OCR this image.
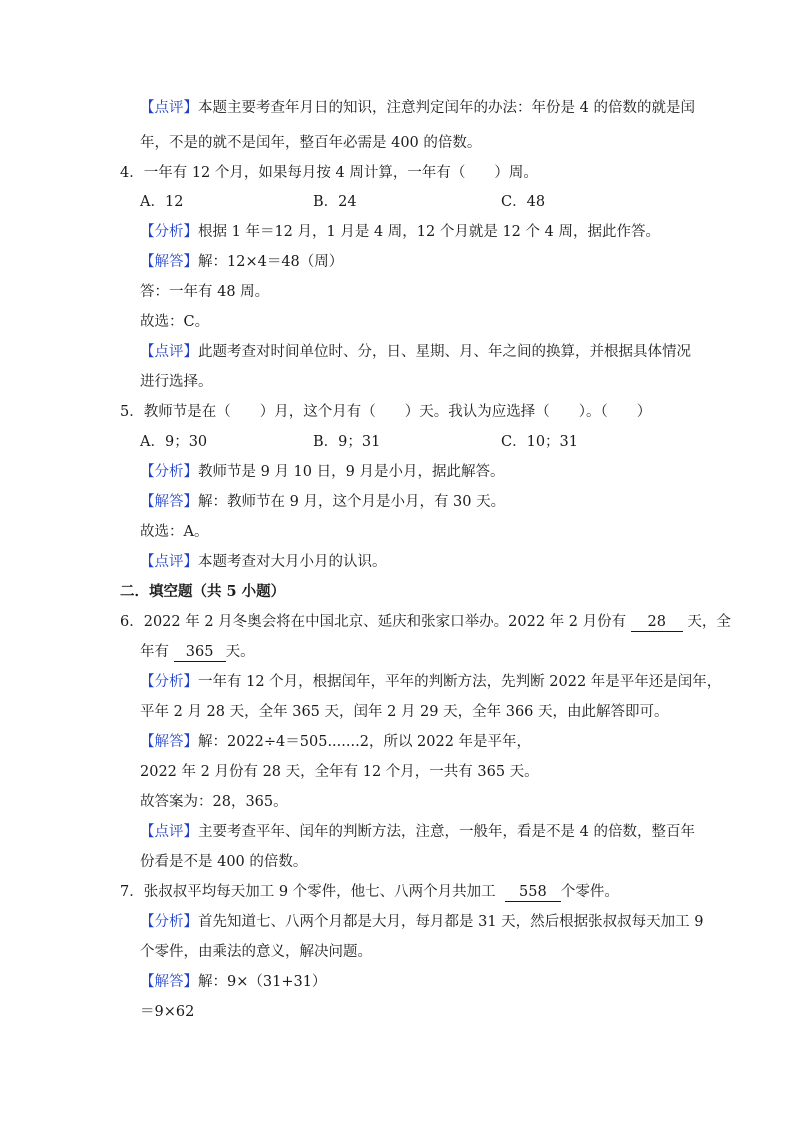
【点评】本题主要考查年月日的知识，注意判定闰年的办法：年份是 4 的倍数的就是闰
年，不是的就不是闰年，整百年必需是 400 的倍数。
4．一年有 12 个月，如果每月按 4 周计算，一年有（　　）周。
A．12	B．24	C．48
【分析】根据 1 年＝12 月，1 月是 4 周，12 个月就是 12 个 4 周，据此作答。
【解答】解：12×4＝48（周）
答：一年有 48 周。
故选：C。
【点评】此题考查对时间单位时、分，日、星期、月、年之间的换算，并根据具体情况
进行选择。
5．教师节是在（　　）月，这个月有（　　）天。我认为应选择（　　）。（　　）
A．9；30	B．9；31	C．10；31
【分析】教师节是 9 月 10 日，9 月是小月，据此解答。
【解答】解：教师节在 9 月，这个月是小月，有 30 天。
故选：A。
【点评】本题考查对大月小月的认识。
二．填空题（共 5 小题）
6．2022 年 2 月冬奥会将在中国北京、延庆和张家口举办。2022 年 2 月份有 28 天，全
年有 365 天。
【分析】一年有 12 个月，根据闰年，平年的判断方法，先判断 2022 年是平年还是闰年，
平年 2 月 28 天，全年 365 天，闰年 2 月 29 天，全年 366 天，由此解答即可。
【解答】解：2022÷4＝505.......2，所以 2022 年是平年，
2022 年 2 月份有 28 天，全年有 12 个月，一共有 365 天。
故答案为：28，365。
【点评】主要考查平年、闰年的判断方法，注意，一般年，看是不是 4 的倍数，整百年
份看是不是 400 的倍数。
7．张叔叔平均每天加工 9 个零件，他七、八两个月共加工 558 个零件。
【分析】首先知道七、八两个月都是大月，每月都是 31 天，然后根据张叔叔每天加工 9
个零件，由乘法的意义，解决问题。
【解答】解：9×（31+31）
＝9×62
